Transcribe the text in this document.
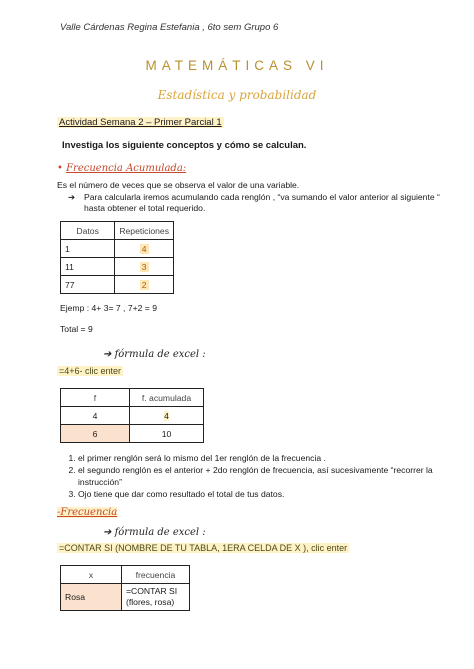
Valle Cárdenas Regina Estefania , 6to sem Grupo 6
MATEMÁTICAS VI
Estadística y probabilidad
Actividad Semana 2 – Primer Parcial 1
Investiga los siguiente conceptos y cómo se calculan.
• Frecuencia Acumulada:
Es el número de veces que se observa el valor de una variable.
➔ Para calcularla iremos acumulando cada renglón , “va sumando el valor anterior al siguiente “
hasta obtener el total requerido.
Datos	Repeticiones
1	4
11	3
77	2
Ejemp : 4+ 3= 7 , 7+2 = 9
Total = 9
➔ fórmula de excel :
=4+6- clic enter
f	f. acumulada
4	4
6	10
1. el primer renglón será lo mismo del 1er renglón de la frecuencia .
2. el segundo renglón es el anterior + 2do renglón de frecuencia, así sucesivamente “recorrer la instrucción”
3. Ojo tiene que dar como resultado el total de tus datos.
-Frecuencia
➔ fórmula de excel :
=CONTAR SI (NOMBRE DE TU TABLA, 1ERA CELDA DE X ), clic enter
x	frecuencia
Rosa	=CONTAR SI
(flores, rosa)
